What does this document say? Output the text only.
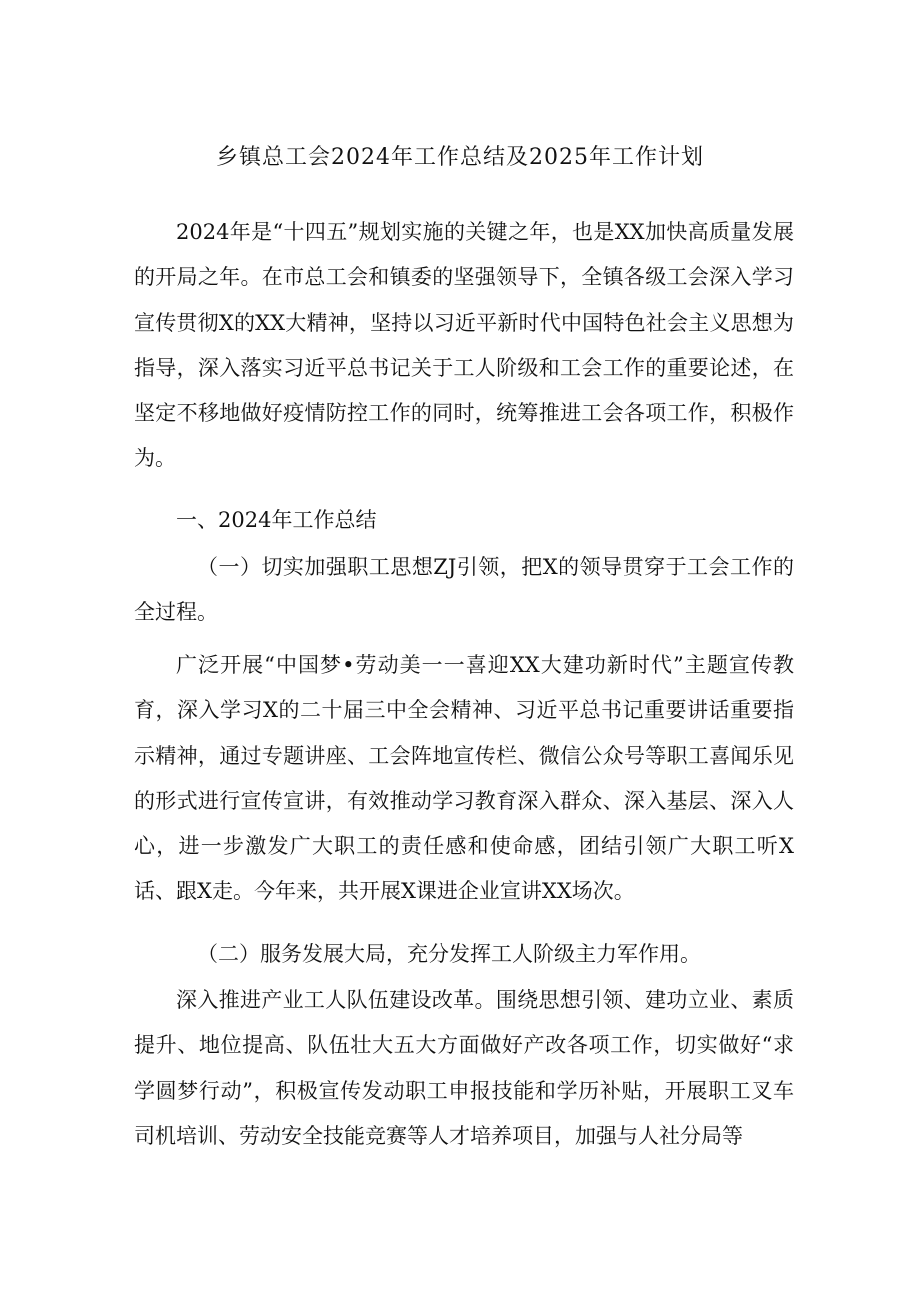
乡镇总工会2024年工作总结及2025年工作计划

2024年是“十四五”规划实施的关键之年，也是XX加快高质量发展的开局之年。在市总工会和镇委的坚强领导下，全镇各级工会深入学习宣传贯彻X的XX大精神，坚持以习近平新时代中国特色社会主义思想为指导，深入落实习近平总书记关于工人阶级和工会工作的重要论述，在坚定不移地做好疫情防控工作的同时，统筹推进工会各项工作，积极作为。

一、2024年工作总结

（一）切实加强职工思想ZJ引领，把X的领导贯穿于工会工作的全过程。

广泛开展“中国梦•劳动美一一喜迎XX大建功新时代”主题宣传教育，深入学习X的二十届三中全会精神、习近平总书记重要讲话重要指示精神，通过专题讲座、工会阵地宣传栏、微信公众号等职工喜闻乐见的形式进行宣传宣讲，有效推动学习教育深入群众、深入基层、深入人心，进一步激发广大职工的责任感和使命感，团结引领广大职工听X话、跟X走。今年来，共开展X课进企业宣讲XX场次。

（二）服务发展大局，充分发挥工人阶级主力军作用。

深入推进产业工人队伍建设改革。围绕思想引领、建功立业、素质提升、地位提高、队伍壮大五大方面做好产改各项工作，切实做好“求学圆梦行动”，积极宣传发动职工申报技能和学历补贴，开展职工叉车司机培训、劳动安全技能竞赛等人才培养项目，加强与人社分局等
